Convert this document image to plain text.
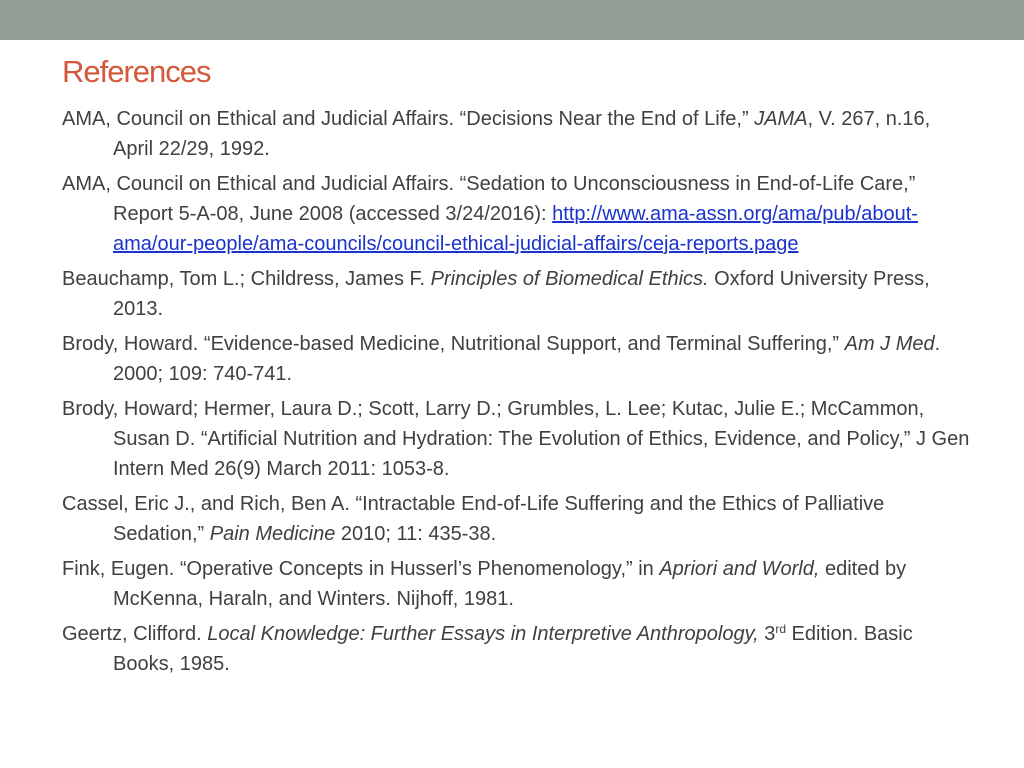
References
AMA, Council on Ethical and Judicial Affairs. “Decisions Near the End of Life,” JAMA, V. 267, n.16, April 22/29, 1992.
AMA, Council on Ethical and Judicial Affairs. “Sedation to Unconsciousness in End-of-Life Care,” Report 5-A-08, June 2008 (accessed 3/24/2016): http://www.ama-assn.org/ama/pub/about-ama/our-people/ama-councils/council-ethical-judicial-affairs/ceja-reports.page
Beauchamp, Tom L.; Childress, James F. Principles of Biomedical Ethics. Oxford University Press, 2013.
Brody, Howard. “Evidence-based Medicine, Nutritional Support, and Terminal Suffering,” Am J Med. 2000; 109: 740-741.
Brody, Howard; Hermer, Laura D.; Scott, Larry D.; Grumbles, L. Lee; Kutac, Julie E.; McCammon, Susan D. “Artificial Nutrition and Hydration: The Evolution of Ethics, Evidence, and Policy,” J Gen Intern Med 26(9) March 2011: 1053-8.
Cassel, Eric J., and Rich, Ben A. “Intractable End-of-Life Suffering and the Ethics of Palliative Sedation,” Pain Medicine 2010; 11: 435-38.
Fink, Eugen. “Operative Concepts in Husserl’s Phenomenology,” in Apriori and World, edited by McKenna, Haraln, and Winters. Nijhoff, 1981.
Geertz, Clifford. Local Knowledge: Further Essays in Interpretive Anthropology, 3rd Edition. Basic Books, 1985.
